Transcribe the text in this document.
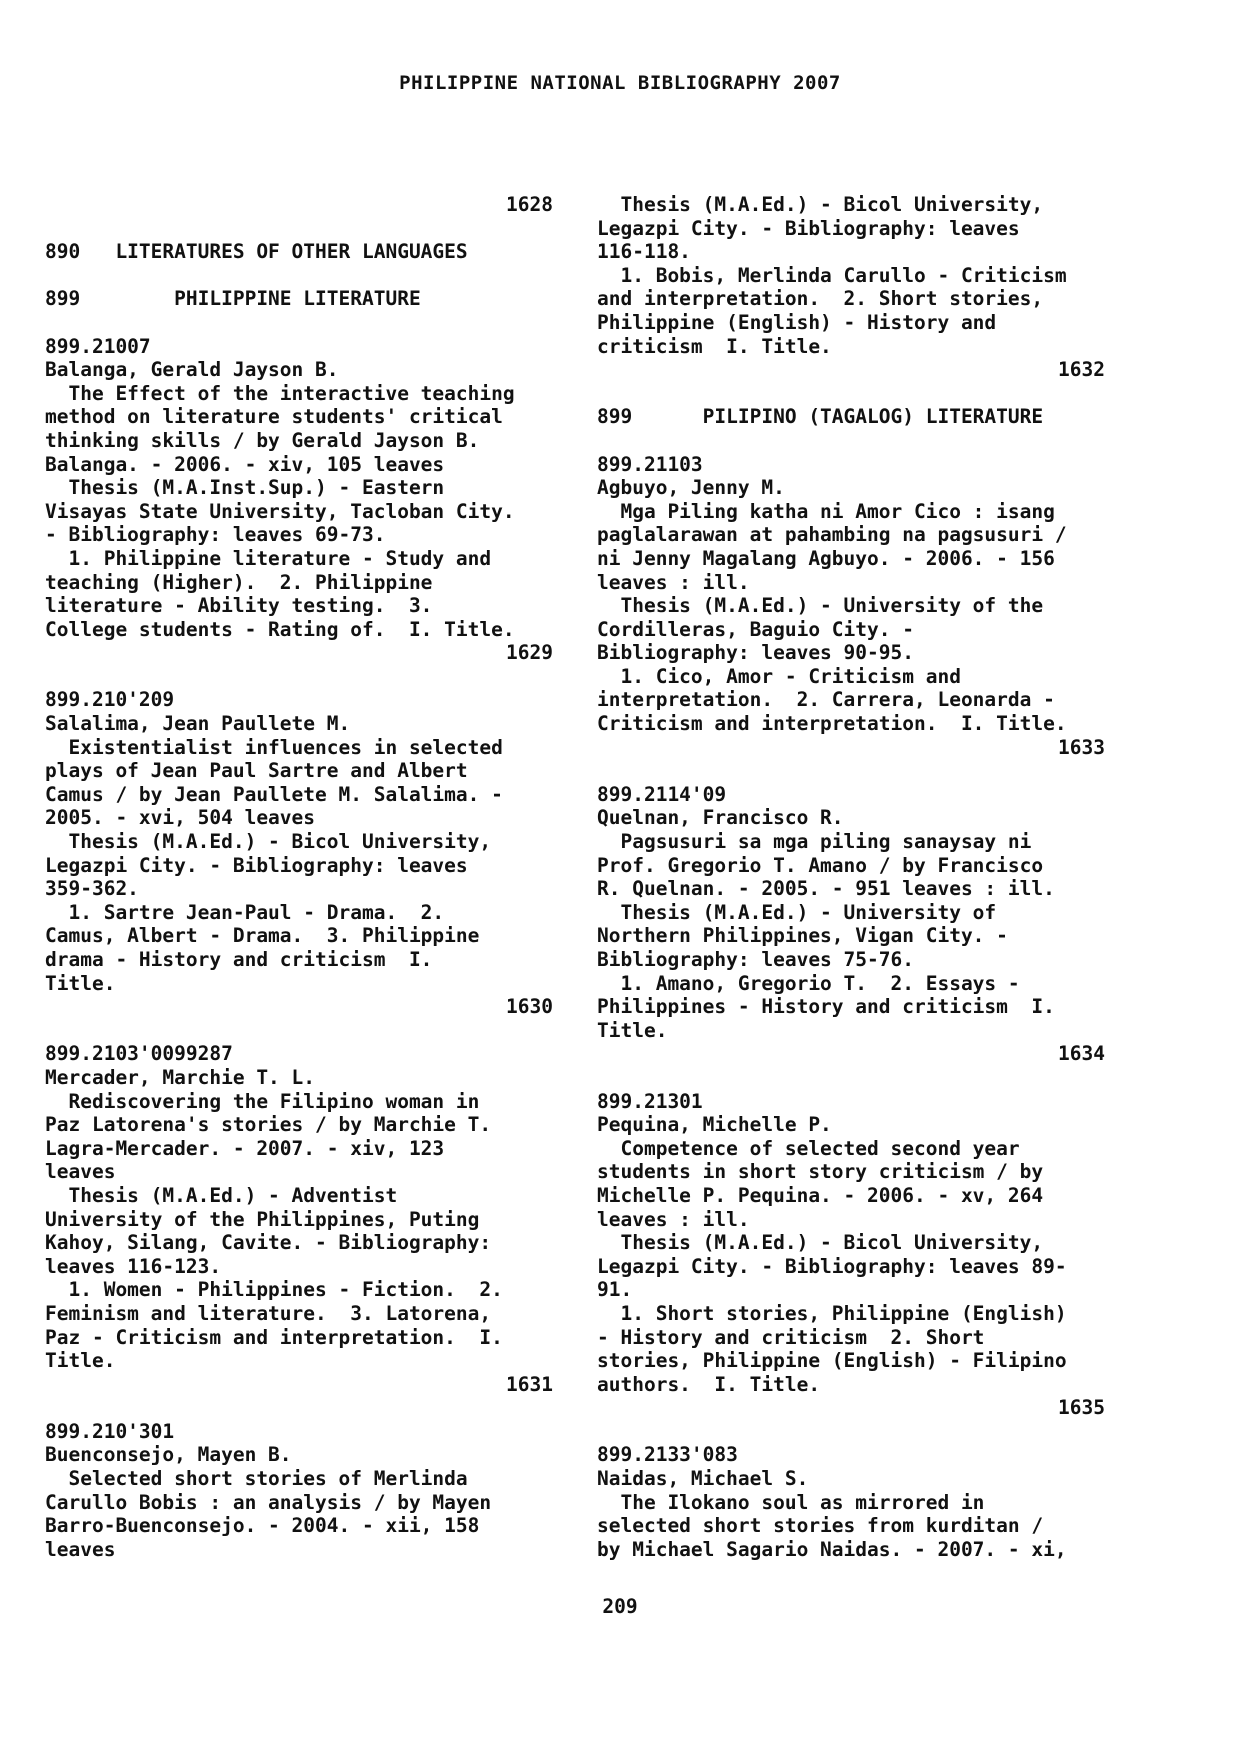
PHILIPPINE NATIONAL BIBLIOGRAPHY 2007
1628
890   LITERATURES OF OTHER LANGUAGES
899        PHILIPPINE LITERATURE
899.21007
Balanga, Gerald Jayson B.
The Effect of the interactive teaching
method on literature students' critical
thinking skills / by Gerald Jayson B.
Balanga. - 2006. - xiv, 105 leaves
Thesis (M.A.Inst.Sup.) - Eastern
Visayas State University, Tacloban City.
- Bibliography: leaves 69-73.
1. Philippine literature - Study and
teaching (Higher).  2. Philippine
literature - Ability testing.  3.
College students - Rating of.  I. Title.
1629
899.210'209
Salalima, Jean Paullete M.
Existentialist influences in selected
plays of Jean Paul Sartre and Albert
Camus / by Jean Paullete M. Salalima. -
2005. - xvi, 504 leaves
Thesis (M.A.Ed.) - Bicol University,
Legazpi City. - Bibliography: leaves
359-362.
1. Sartre Jean-Paul - Drama.  2.
Camus, Albert - Drama.  3. Philippine
drama - History and criticism  I.
Title.
1630
899.2103'0099287
Mercader, Marchie T. L.
Rediscovering the Filipino woman in
Paz Latorena's stories / by Marchie T.
Lagra-Mercader. - 2007. - xiv, 123
leaves
Thesis (M.A.Ed.) - Adventist
University of the Philippines, Puting
Kahoy, Silang, Cavite. - Bibliography:
leaves 116-123.
1. Women - Philippines - Fiction.  2.
Feminism and literature.  3. Latorena,
Paz - Criticism and interpretation.  I.
Title.
1631
899.210'301
Buenconsejo, Mayen B.
Selected short stories of Merlinda
Carullo Bobis : an analysis / by Mayen
Barro-Buenconsejo. - 2004. - xii, 158
leaves
Thesis (M.A.Ed.) - Bicol University,
Legazpi City. - Bibliography: leaves
116-118.
1. Bobis, Merlinda Carullo - Criticism
and interpretation.  2. Short stories,
Philippine (English) - History and
criticism  I. Title.
1632
899      PILIPINO (TAGALOG) LITERATURE
899.21103
Agbuyo, Jenny M.
Mga Piling katha ni Amor Cico : isang
paglalarawan at pahambing na pagsusuri /
ni Jenny Magalang Agbuyo. - 2006. - 156
leaves : ill.
Thesis (M.A.Ed.) - University of the
Cordilleras, Baguio City. -
Bibliography: leaves 90-95.
1. Cico, Amor - Criticism and
interpretation.  2. Carrera, Leonarda -
Criticism and interpretation.  I. Title.
1633
899.2114'09
Quelnan, Francisco R.
Pagsusuri sa mga piling sanaysay ni
Prof. Gregorio T. Amano / by Francisco
R. Quelnan. - 2005. - 951 leaves : ill.
Thesis (M.A.Ed.) - University of
Northern Philippines, Vigan City. -
Bibliography: leaves 75-76.
1. Amano, Gregorio T.  2. Essays -
Philippines - History and criticism  I.
Title.
1634
899.21301
Pequina, Michelle P.
Competence of selected second year
students in short story criticism / by
Michelle P. Pequina. - 2006. - xv, 264
leaves : ill.
Thesis (M.A.Ed.) - Bicol University,
Legazpi City. - Bibliography: leaves 89-
91.
1. Short stories, Philippine (English)
- History and criticism  2. Short
stories, Philippine (English) - Filipino
authors.  I. Title.
1635
899.2133'083
Naidas, Michael S.
The Ilokano soul as mirrored in
selected short stories from kurditan /
by Michael Sagario Naidas. - 2007. - xi,
209
